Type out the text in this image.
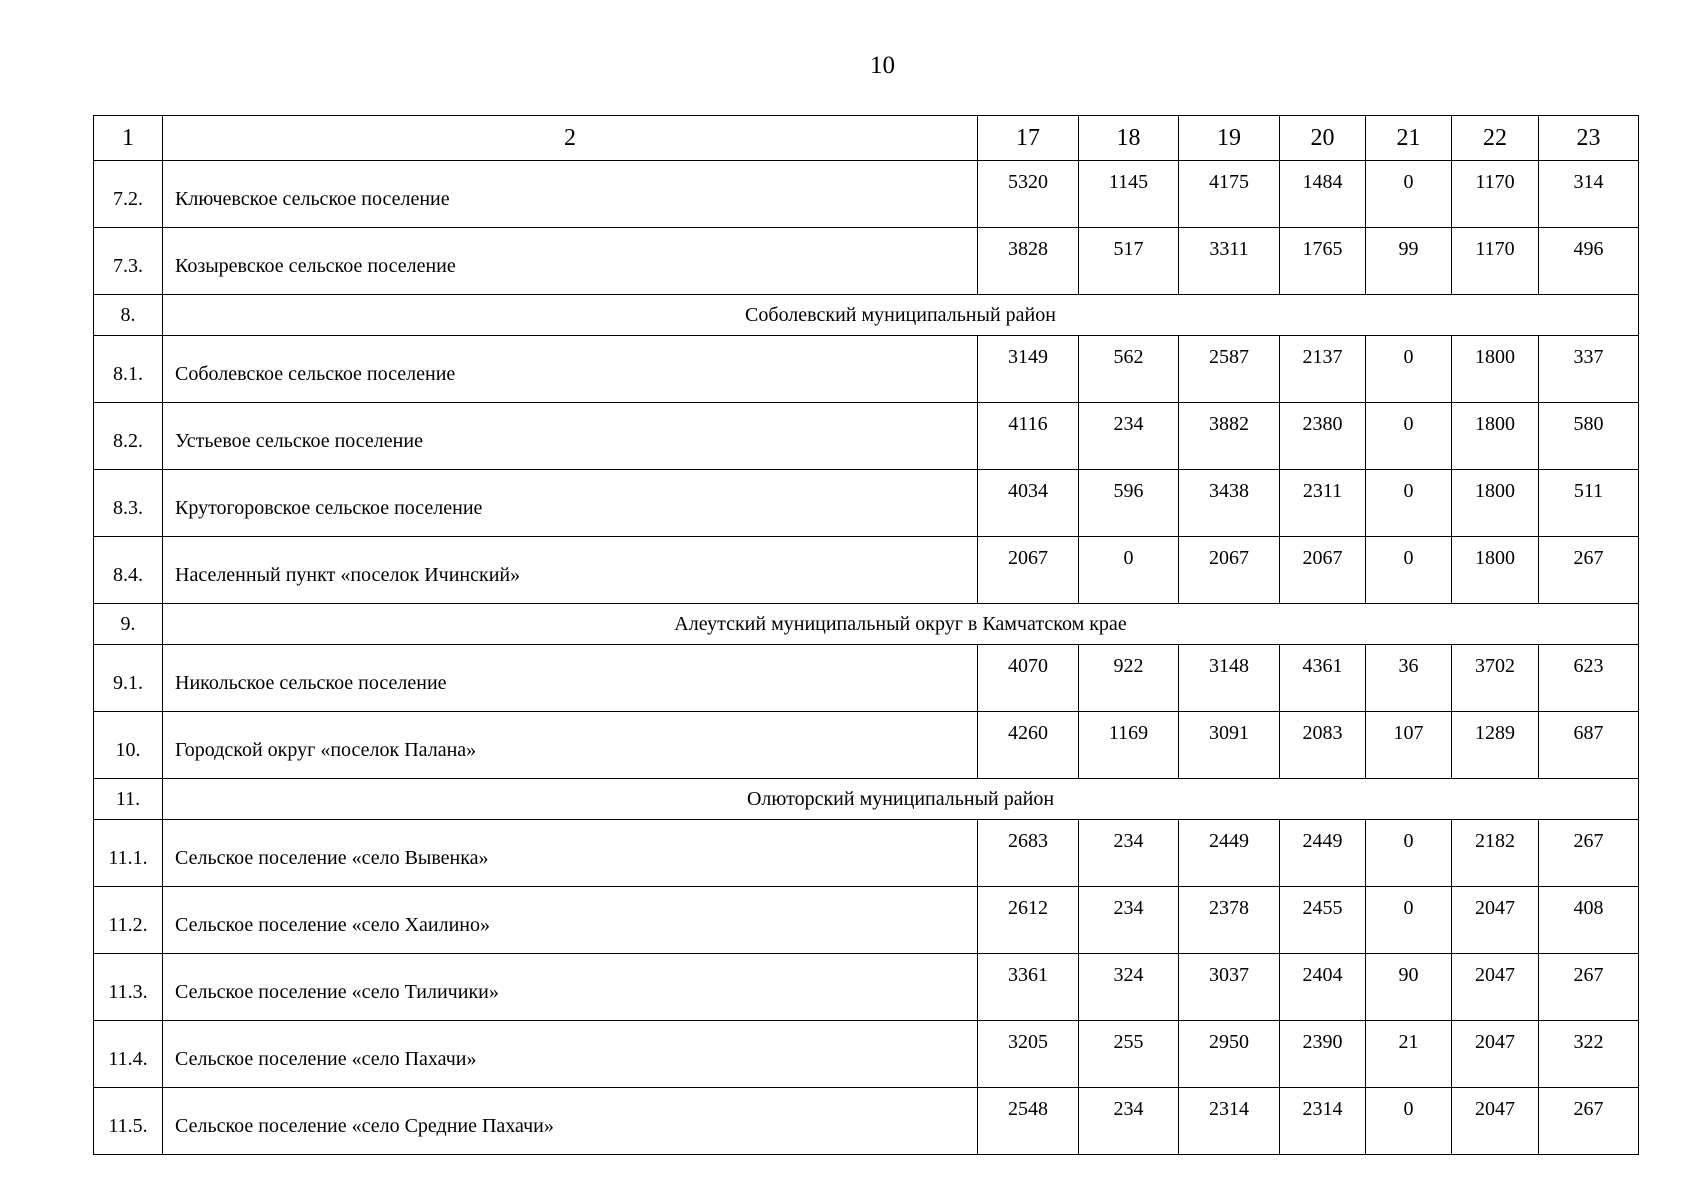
10
1	2	17	18	19	20	21	22	23
7.2.	Ключевское сельское поселение	5320	1145	4175	1484	0	1170	314
7.3.	Козыревское сельское поселение	3828	517	3311	1765	99	1170	496
8.	Соболевский муниципальный район							
8.1.	Соболевское сельское поселение	3149	562	2587	2137	0	1800	337
8.2.	Устьевое сельское поселение	4116	234	3882	2380	0	1800	580
8.3.	Крутогоровское сельское поселение	4034	596	3438	2311	0	1800	511
8.4.	Населенный пункт «поселок Ичинский»	2067	0	2067	2067	0	1800	267
9.	Алеутский муниципальный округ в Камчатском крае							
9.1.	Никольское сельское поселение	4070	922	3148	4361	36	3702	623
10.	Городской округ «поселок Палана»	4260	1169	3091	2083	107	1289	687
11.	Олюторский муниципальный район							
11.1.	Сельское поселение «село Вывенка»	2683	234	2449	2449	0	2182	267
11.2.	Сельское поселение «село Хаилино»	2612	234	2378	2455	0	2047	408
11.3.	Сельское поселение «село Тиличики»	3361	324	3037	2404	90	2047	267
11.4.	Сельское поселение «село Пахачи»	3205	255	2950	2390	21	2047	322
11.5.	Сельское поселение «село Средние Пахачи»	2548	234	2314	2314	0	2047	267
